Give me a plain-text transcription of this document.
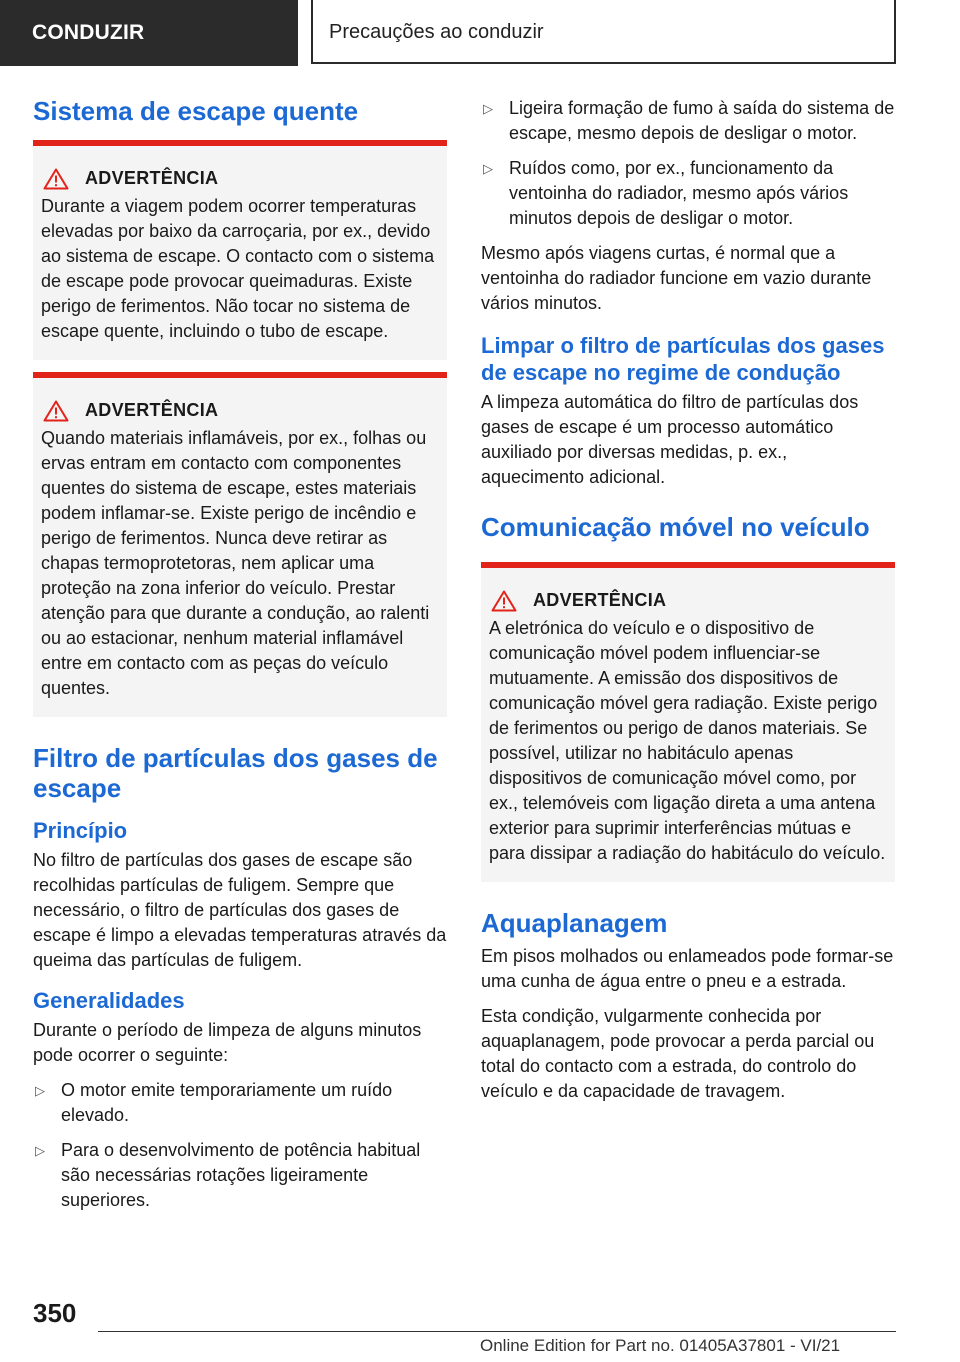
CONDUZIR	Precauções ao conduzir
Sistema de escape quente
ADVERTÊNCIA
Durante a viagem podem ocorrer temperaturas elevadas por baixo da carroçaria, por ex., devido ao sistema de escape. O contacto com o sistema de escape pode provocar queimaduras. Existe perigo de ferimentos. Não tocar no sistema de escape quente, incluindo o tubo de escape.
ADVERTÊNCIA
Quando materiais inflamáveis, por ex., folhas ou ervas entram em contacto com componentes quentes do sistema de escape, estes materiais podem inflamar-se. Existe perigo de incêndio e perigo de ferimentos. Nunca deve retirar as chapas termoprotetoras, nem aplicar uma proteção na zona inferior do veículo. Prestar atenção para que durante a condução, ao ralenti ou ao estacionar, nenhum material inflamável entre em contacto com as peças do veículo quentes.
Filtro de partículas dos gases de escape
Princípio

No filtro de partículas dos gases de escape são recolhidas partículas de fuligem. Sempre que necessário, o filtro de partículas dos gases de escape é limpo a elevadas temperaturas através da queima das partículas de fuligem.

Generalidades

Durante o período de limpeza de alguns minutos pode ocorrer o seguinte:

▷ O motor emite temporariamente um ruído elevado.
▷ Para o desenvolvimento de potência habitual são necessárias rotações ligeiramente superiores.
▷ Ligeira formação de fumo à saída do sistema de escape, mesmo depois de desligar o motor.
▷ Ruídos como, por ex., funcionamento da ventoinha do radiador, mesmo após vários minutos depois de desligar o motor.

Mesmo após viagens curtas, é normal que a ventoinha do radiador funcione em vazio durante vários minutos.

Limpar o filtro de partículas dos gases de escape no regime de condução

A limpeza automática do filtro de partículas dos gases de escape é um processo automático auxiliado por diversas medidas, p. ex., aquecimento adicional.

Comunicação móvel no veículo
ADVERTÊNCIA
A eletrónica do veículo e o dispositivo de comunicação móvel podem influenciar-se mutuamente. A emissão dos dispositivos de comunicação móvel gera radiação. Existe perigo de ferimentos ou perigo de danos materiais. Se possível, utilizar no habitáculo apenas dispositivos de comunicação móvel como, por ex., telemóveis com ligação direta a uma antena exterior para suprimir interferências mútuas e para dissipar a radiação do habitáculo do veículo.
Aquaplanagem

Em pisos molhados ou enlameados pode formar-se uma cunha de água entre o pneu e a estrada.

Esta condição, vulgarmente conhecida por aquaplanagem, pode provocar a perda parcial ou total do contacto com a estrada, do controlo do veículo e da capacidade de travagem.

350
Online Edition for Part no. 01405A37801 - VI/21
